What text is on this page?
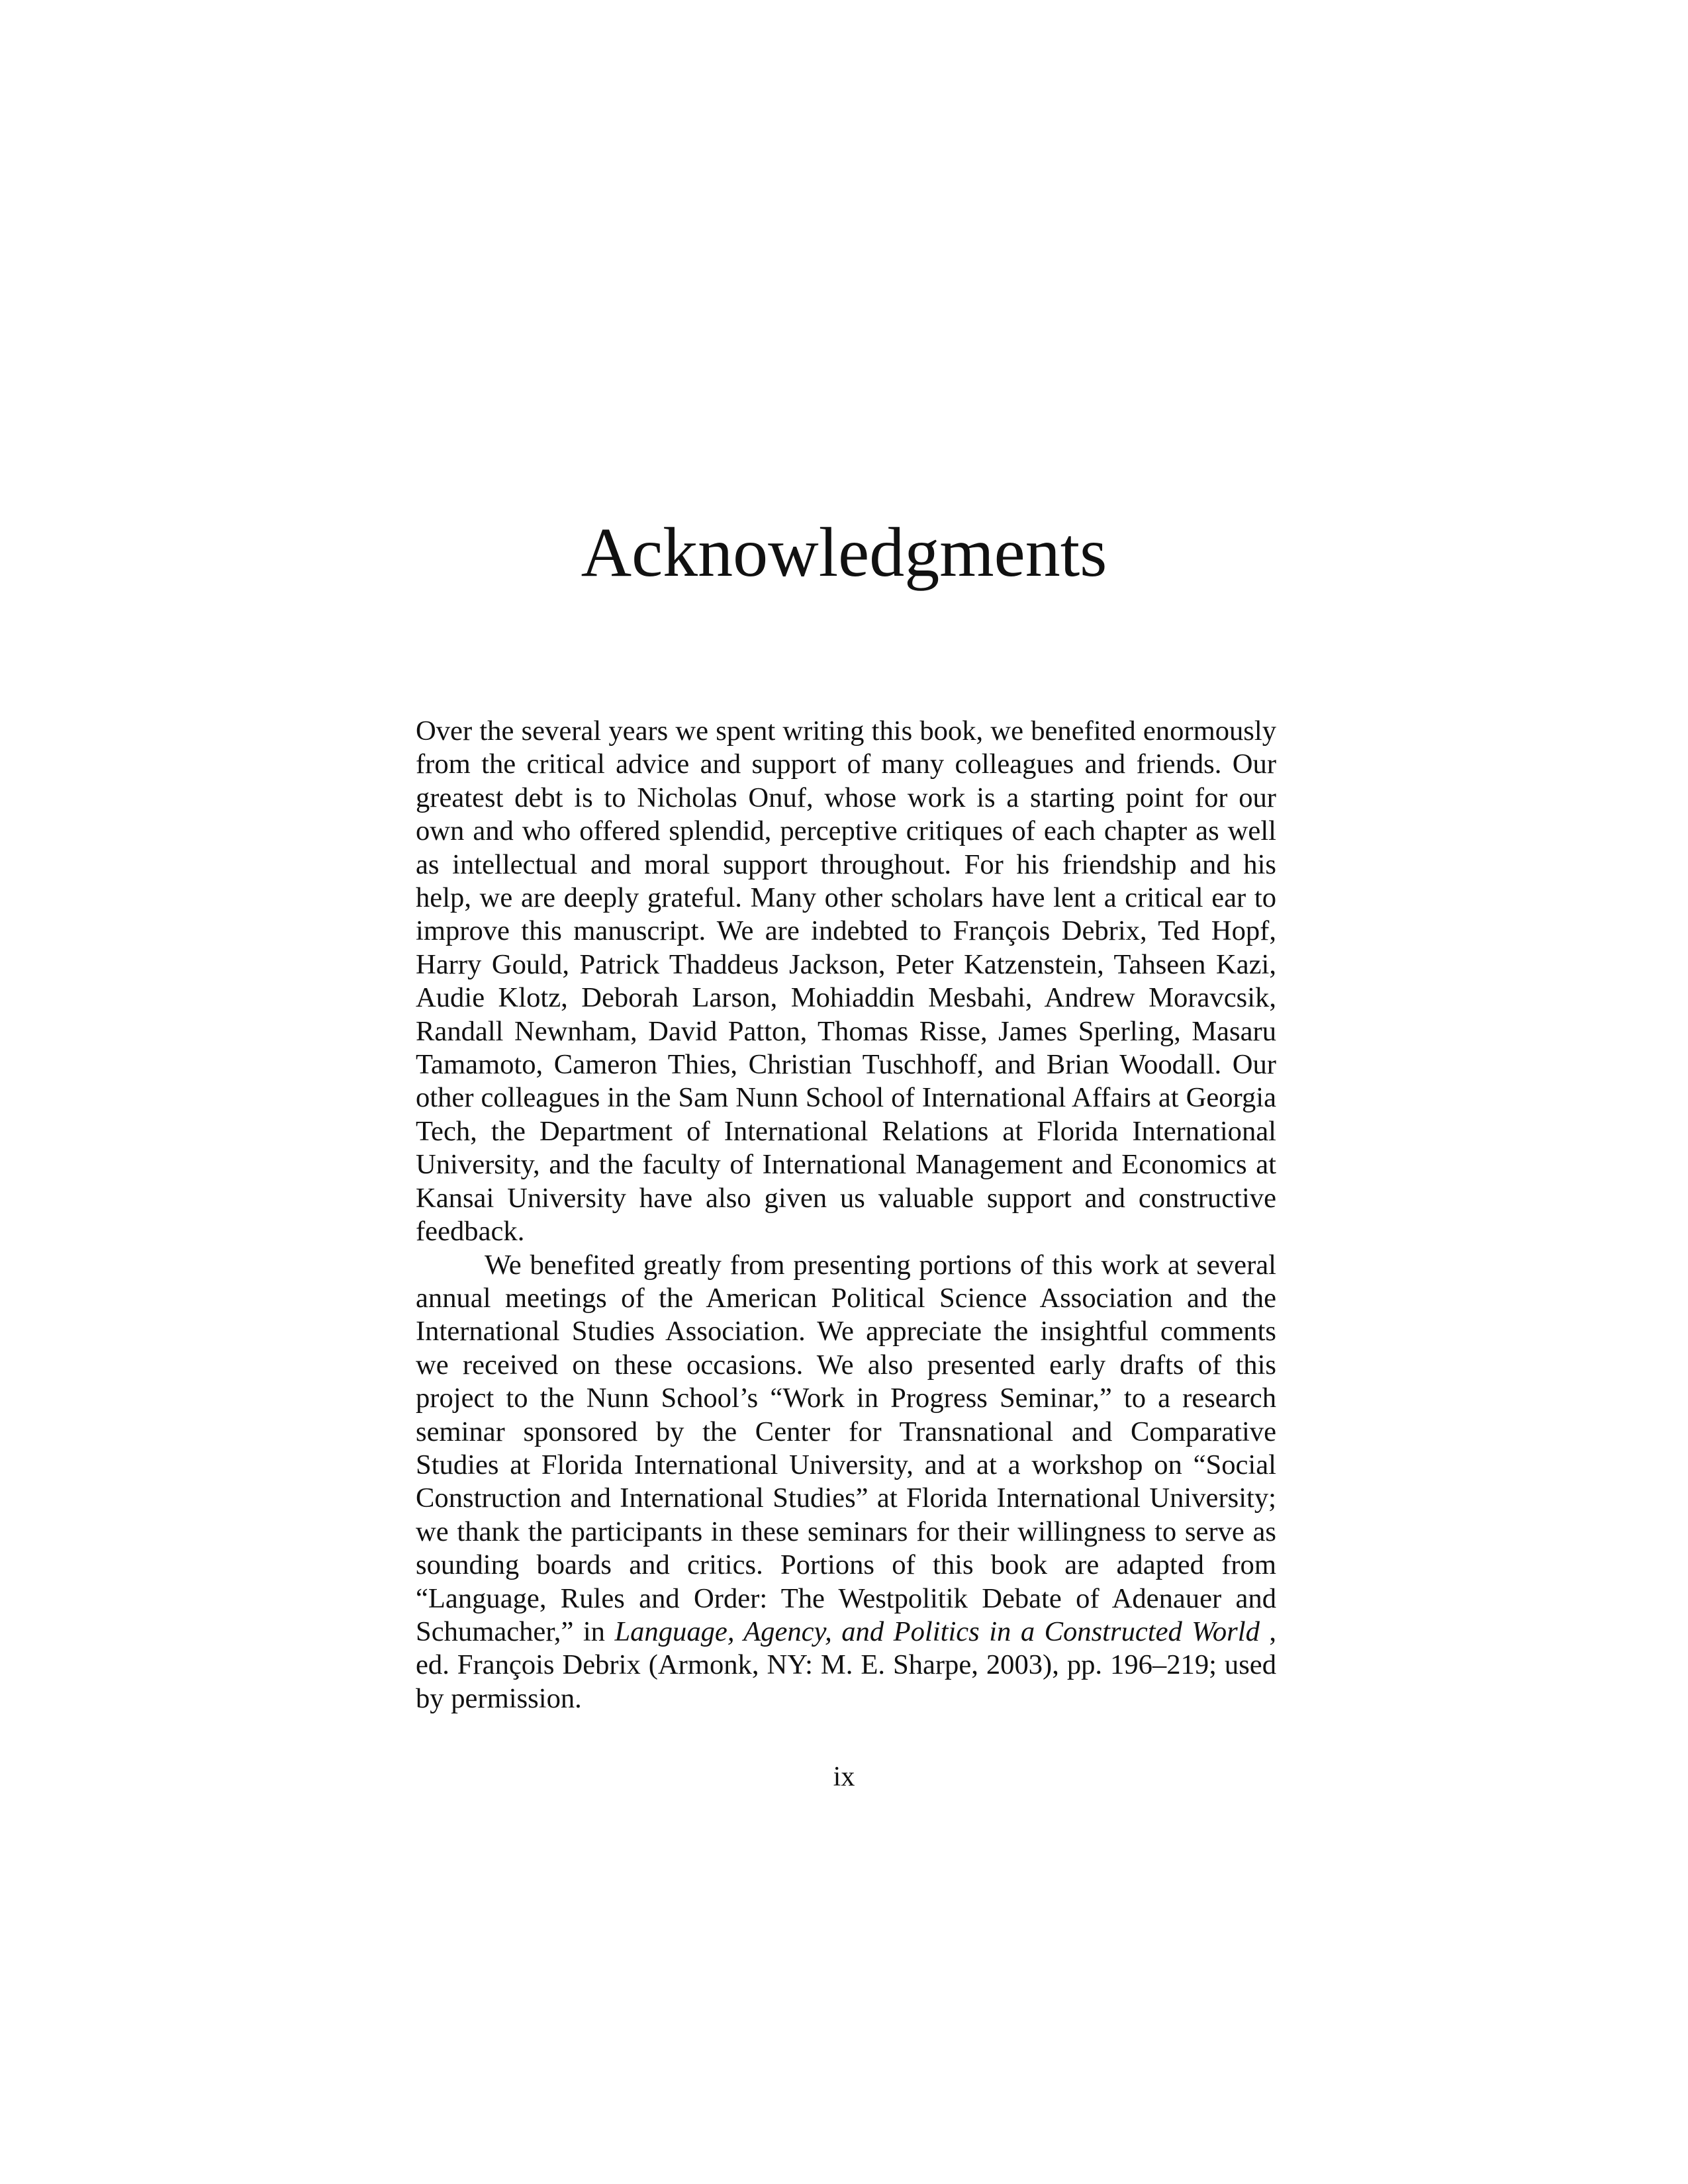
Acknowledgments

Over the several years we spent writing this book, we benefited enormously from the critical advice and support of many colleagues and friends. Our greatest debt is to Nicholas Onuf, whose work is a starting point for our own and who offered splendid, perceptive critiques of each chapter as well as intellectual and moral support throughout. For his friendship and his help, we are deeply grateful. Many other scholars have lent a critical ear to improve this manuscript. We are indebted to François Debrix, Ted Hopf, Harry Gould, Patrick Thaddeus Jackson, Peter Katzenstein, Tahseen Kazi, Audie Klotz, Deborah Larson, Mohiaddin Mesbahi, Andrew Moravcsik, Randall Newnham, David Patton, Thomas Risse, James Sperling, Masaru Tamamoto, Cameron Thies, Christian Tuschhoff, and Brian Woodall. Our other colleagues in the Sam Nunn School of International Affairs at Georgia Tech, the Department of International Relations at Florida International University, and the faculty of International Management and Economics at Kansai University have also given us valuable support and constructive feedback.

We benefited greatly from presenting portions of this work at several annual meetings of the American Political Science Association and the International Studies Association. We appreciate the insightful comments we received on these occasions. We also presented early drafts of this project to the Nunn School’s “Work in Progress Seminar,” to a research seminar sponsored by the Center for Transnational and Comparative Studies at Florida International University, and at a workshop on “Social Construction and International Studies” at Florida International University; we thank the participants in these seminars for their willingness to serve as sounding boards and critics. Portions of this book are adapted from “Language, Rules and Order: The Westpolitik Debate of Adenauer and Schumacher,” in Language, Agency, and Politics in a Constructed World , ed. François Debrix (Armonk, NY: M. E. Sharpe, 2003), pp. 196–219; used by permission.

ix
